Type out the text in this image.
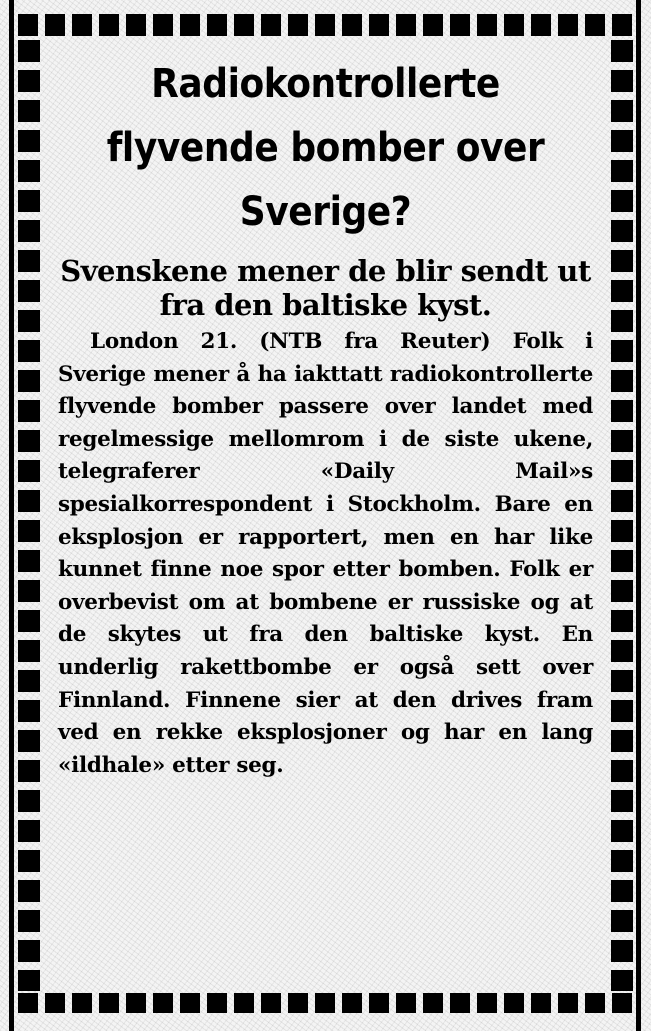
Radiokontrollerte flyvende bomber over Sverige?
Svenskene mener de blir sendt ut fra den baltiske kyst.

London 21. (NTB fra Reuter) Folk i Sverige mener å ha iakttatt radiokontrollerte flyvende bomber passere over landet med regelmessige mellomrom i de siste ukene, telegraferer «Daily Mail»s spesialkorrespondent i Stockholm. Bare en eksplosjon er rapportert, men en har like kunnet finne noe spor etter bomben. Folk er overbevist om at bombene er russiske og at de skytes ut fra den baltiske kyst. En underlig rakettbombe er også sett over Finnland. Finnene sier at den drives fram ved en rekke eksplosjoner og har en lang «ildhale» etter seg.
